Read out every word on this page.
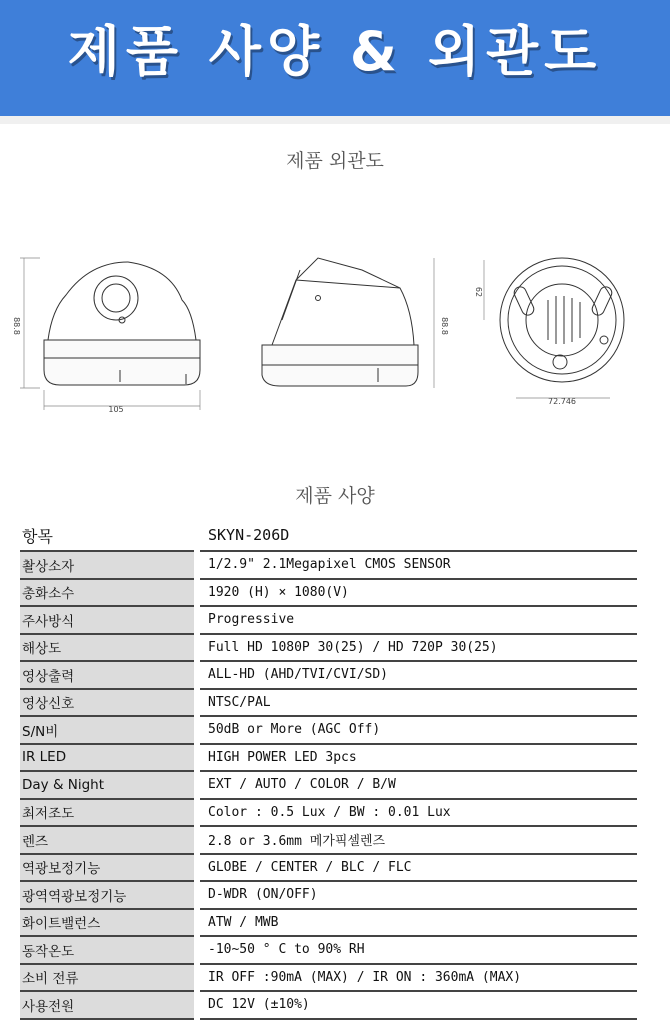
제품 사양 & 외관도
제품 외관도
105
88.8	88.8
72.746
62
제품 사양
항목	SKYN-206D
촬상소자	1/2.9" 2.1Megapixel CMOS SENSOR
총화소수	1920 (H) × 1080(V)
주사방식	Progressive
해상도	Full HD 1080P 30(25) / HD 720P 30(25)
영상출력	ALL-HD (AHD/TVI/CVI/SD)
영상신호	NTSC/PAL
S/N비	50dB or More (AGC Off)
IR LED	HIGH POWER LED 3pcs
Day & Night	EXT / AUTO / COLOR / B/W
최저조도	Color : 0.5 Lux / BW : 0.01 Lux
렌즈	2.8 or 3.6mm 메가픽셀렌즈
역광보정기능	GLOBE / CENTER / BLC / FLC
광역역광보정기능	D-WDR (ON/OFF)
화이트밸런스	ATW / MWB
동작온도	-10~50 ° C to 90% RH
소비 전류	IR OFF :90mA (MAX) / IR ON : 360mA (MAX)
사용전원	DC 12V (±10%)
